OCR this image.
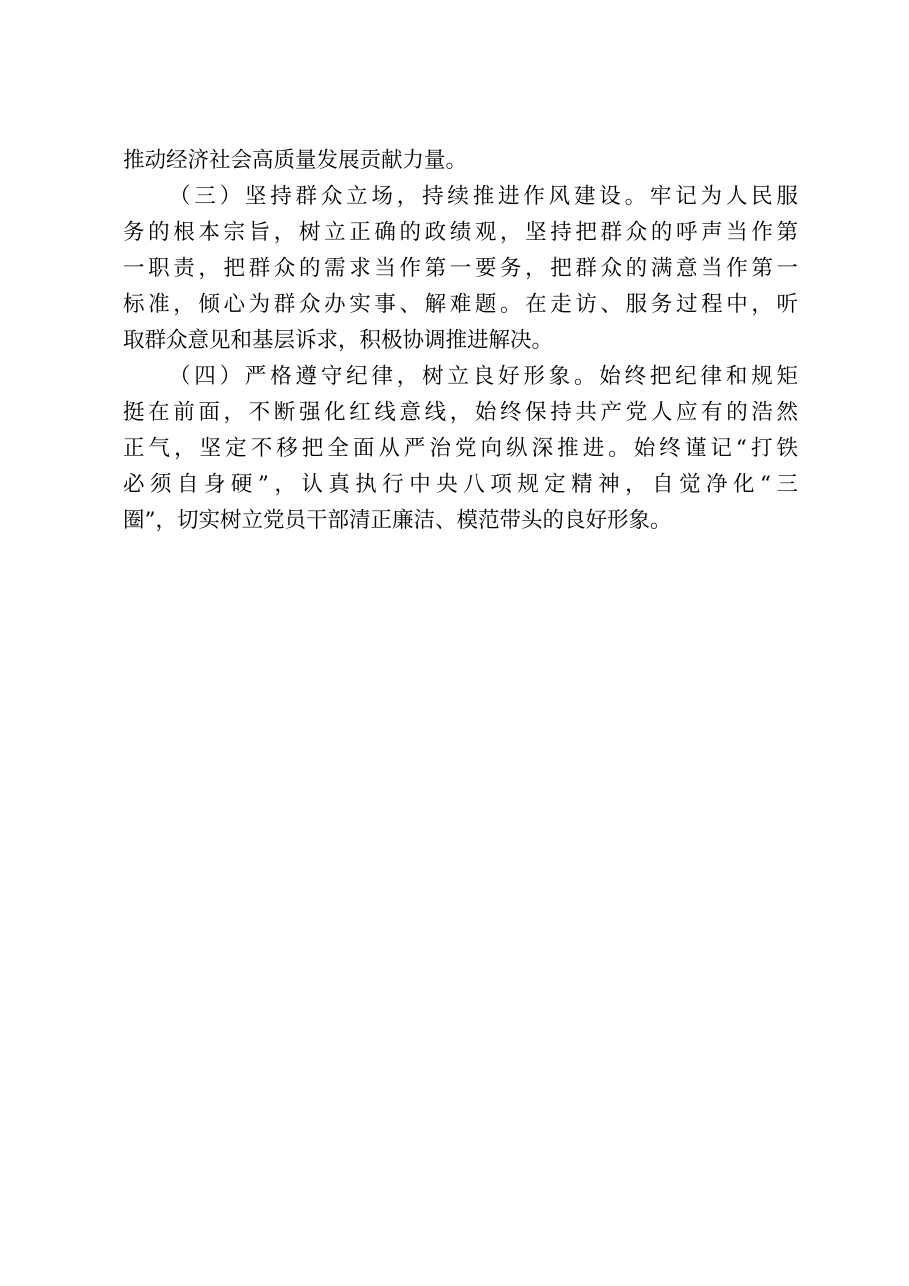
推动经济社会高质量发展贡献力量。
（三）坚持群众立场，持续推进作风建设。牢记为人民服
务的根本宗旨，树立正确的政绩观，坚持把群众的呼声当作第
一职责，把群众的需求当作第一要务，把群众的满意当作第一
标准，倾心为群众办实事、解难题。在走访、服务过程中，听
取群众意见和基层诉求，积极协调推进解决。
（四）严格遵守纪律，树立良好形象。始终把纪律和规矩
挺在前面，不断强化红线意线，始终保持共产党人应有的浩然
正气，坚定不移把全面从严治党向纵深推进。始终谨记“打铁
必须自身硬”，认真执行中央八项规定精神，自觉净化“三
圈”，切实树立党员干部清正廉洁、模范带头的良好形象。
